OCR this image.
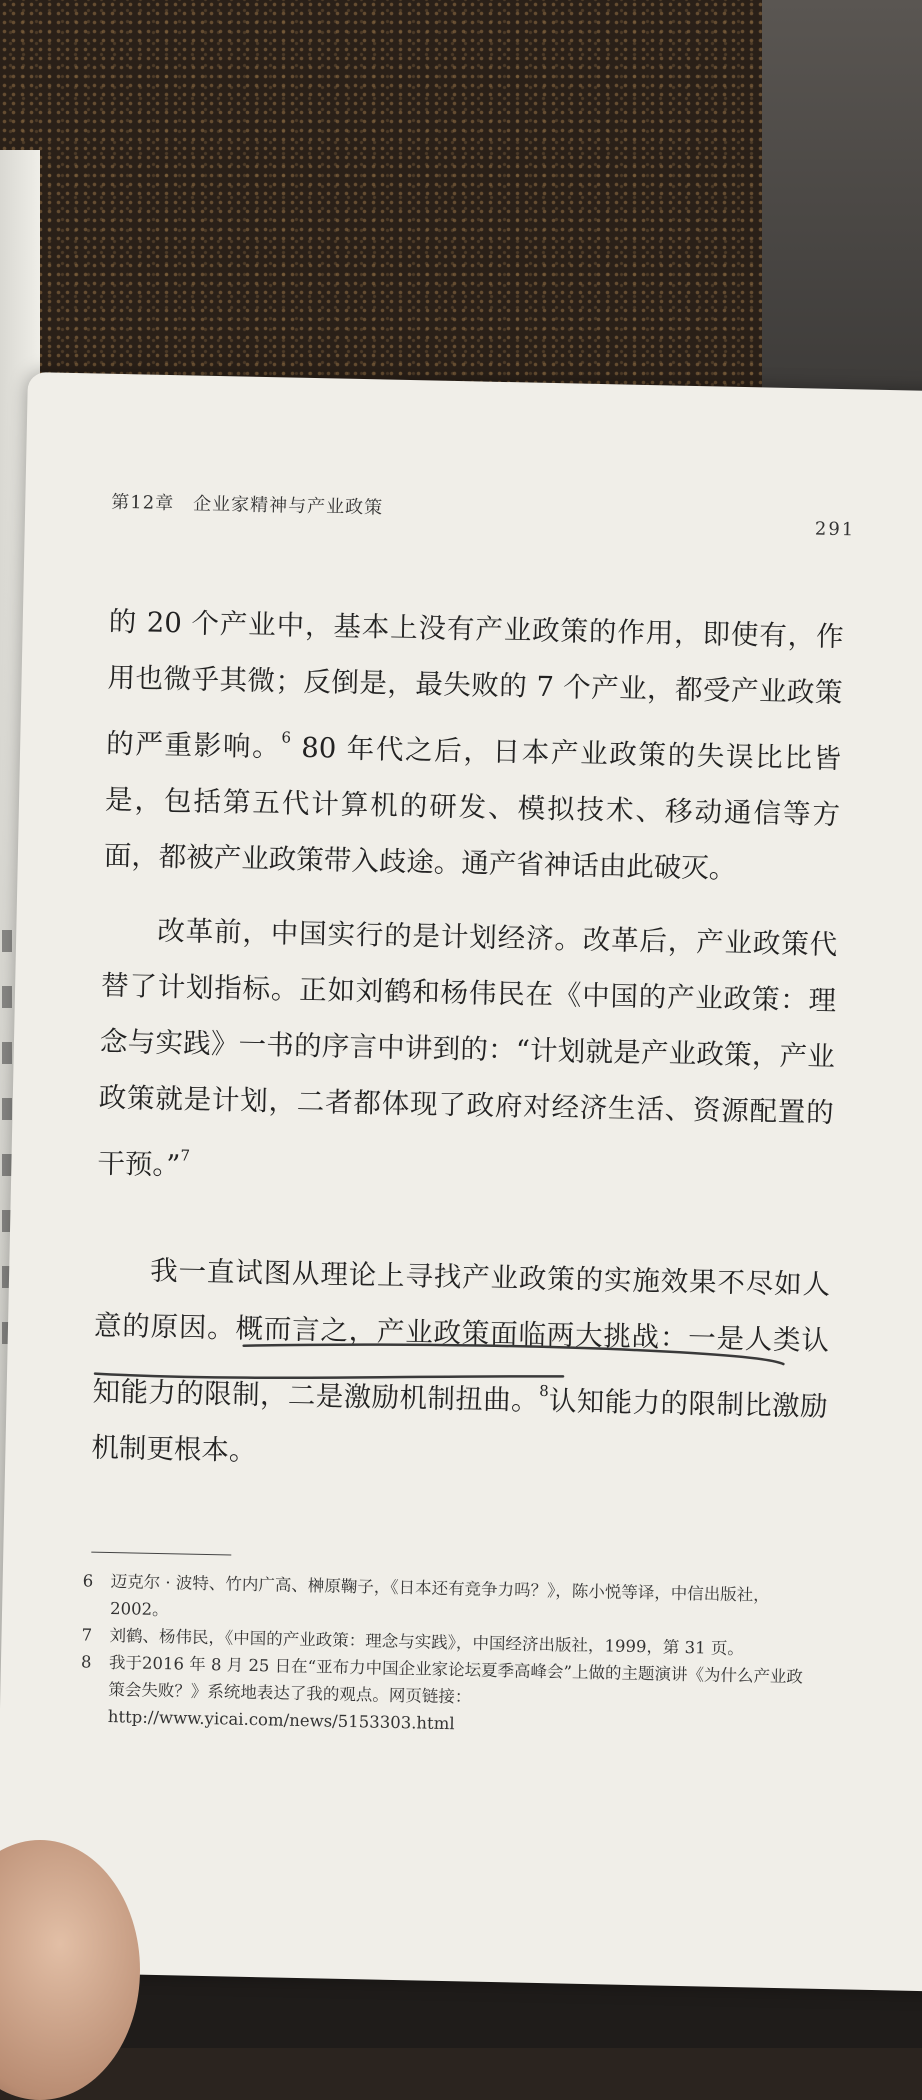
第12章　企业家精神与产业政策
291

的 20 个产业中，基本上没有产业政策的作用，即使有，作用也微乎其微；反倒是，最失败的 7 个产业，都受产业政策的严重影响。$^6$ 80 年代之后，日本产业政策的失误比比皆是，包括第五代计算机的研发、模拟技术、移动通信等方面，都被产业政策带入歧途。通产省神话由此破灭。

改革前，中国实行的是计划经济。改革后，产业政策代替了计划指标。正如刘鹤和杨伟民在《中国的产业政策：理念与实践》一书的序言中讲到的：“计划就是产业政策，产业政策就是计划，二者都体现了政府对经济生活、资源配置的干预。”$^7$

我一直试图从理论上寻找产业政策的实施效果不尽如人意的原因。概而言之，产业政策面临两大挑战：一是人类认知能力的限制，二是激励机制扭曲。$^8$认知能力的限制比激励机制更根本。

6	迈克尔 · 波特、竹内广高、榊原鞠子，《日本还有竞争力吗？》，陈小悦等译，中信出版社，2002。
7	刘鹤、杨伟民，《中国的产业政策：理念与实践》，中国经济出版社，1999，第 31 页。
8	我于2016 年 8 月 25 日在“亚布力中国企业家论坛夏季高峰会”上做的主题演讲《为什么产业政策会失败？》系统地表达了我的观点。网页链接：http://www.yicai.com/news/5153303.html
